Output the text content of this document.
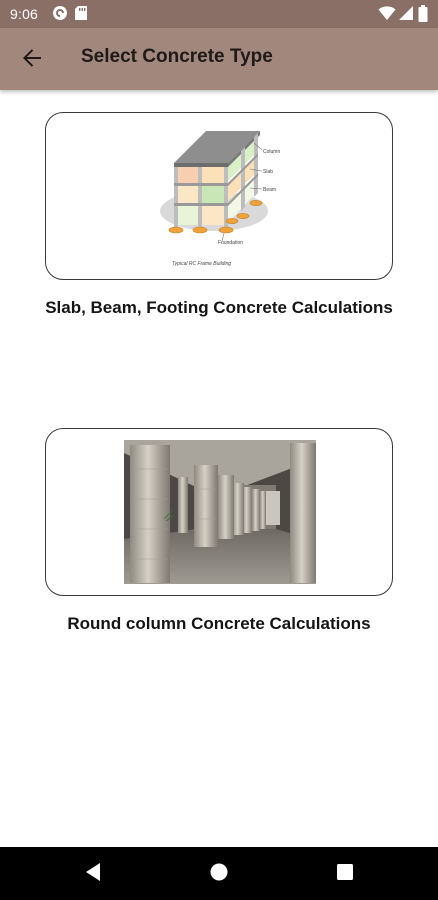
9:06
Select Concrete Type
Column
Slab
Beam
Foundation
Typical RC Frame Building
Slab, Beam, Footing Concrete Calculations
Round column Concrete Calculations
